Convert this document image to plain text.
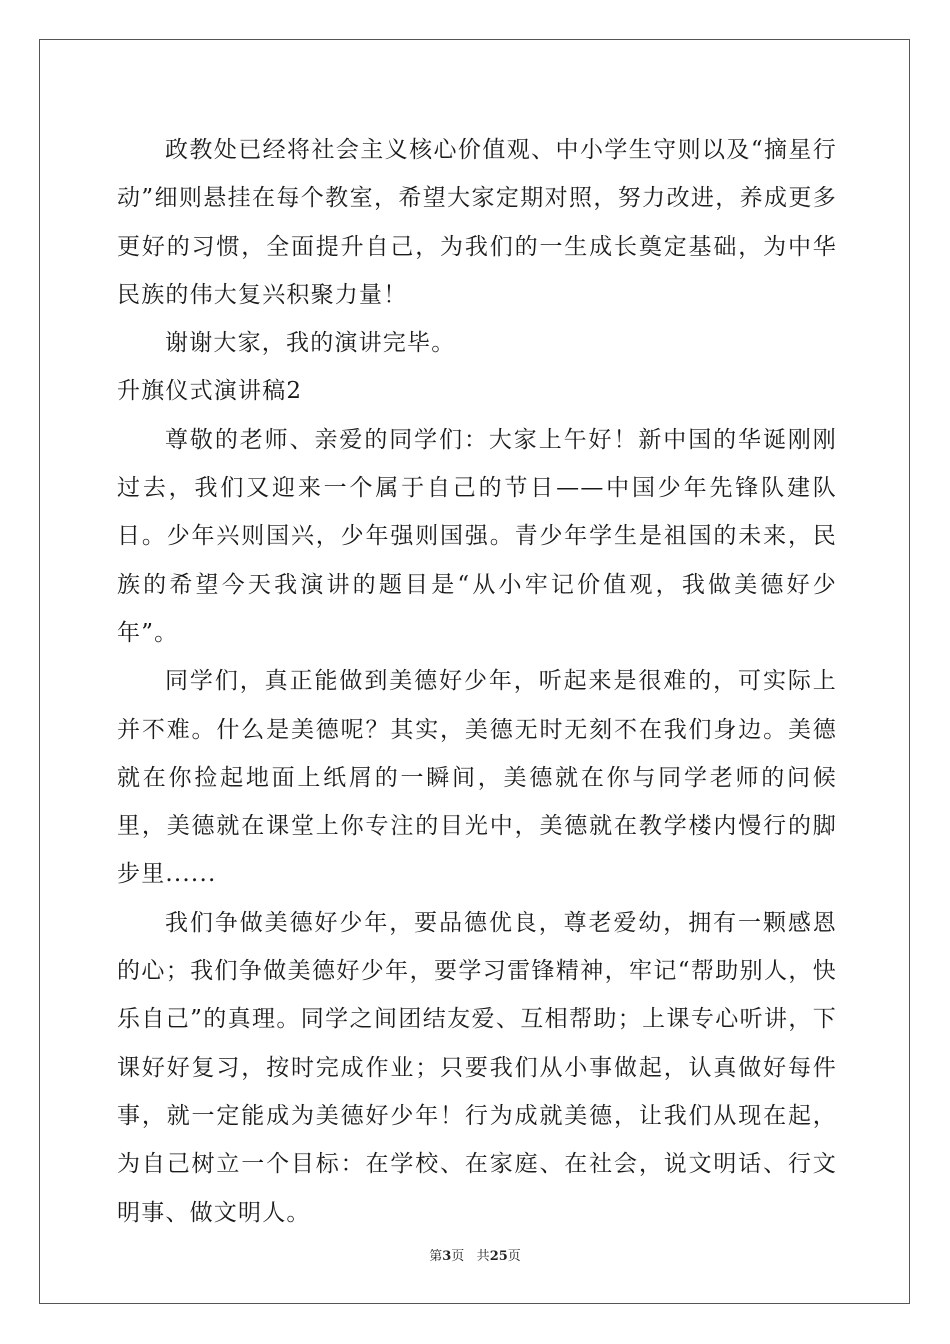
政教处已经将社会主义核心价值观、中小学生守则以及“摘星行动”细则悬挂在每个教室，希望大家定期对照，努力改进，养成更多更好的习惯，全面提升自己，为我们的一生成长奠定基础，为中华民族的伟大复兴积聚力量！

谢谢大家，我的演讲完毕。

升旗仪式演讲稿2

尊敬的老师、亲爱的同学们：大家上午好！新中国的华诞刚刚过去，我们又迎来一个属于自己的节日——中国少年先锋队建队日。少年兴则国兴，少年强则国强。青少年学生是祖国的未来，民族的希望今天我演讲的题目是“从小牢记价值观，我做美德好少年”。

同学们，真正能做到美德好少年，听起来是很难的，可实际上并不难。什么是美德呢？其实，美德无时无刻不在我们身边。美德就在你捡起地面上纸屑的一瞬间，美德就在你与同学老师的问候里，美德就在课堂上你专注的目光中，美德就在教学楼内慢行的脚步里......

我们争做美德好少年，要品德优良，尊老爱幼，拥有一颗感恩的心；我们争做美德好少年，要学习雷锋精神，牢记“帮助别人，快乐自己”的真理。同学之间团结友爱、互相帮助；上课专心听讲，下课好好复习，按时完成作业；只要我们从小事做起，认真做好每件事，就一定能成为美德好少年！行为成就美德，让我们从现在起，为自己树立一个目标：在学校、在家庭、在社会，说文明话、行文明事、做文明人。

第3页 共25页
